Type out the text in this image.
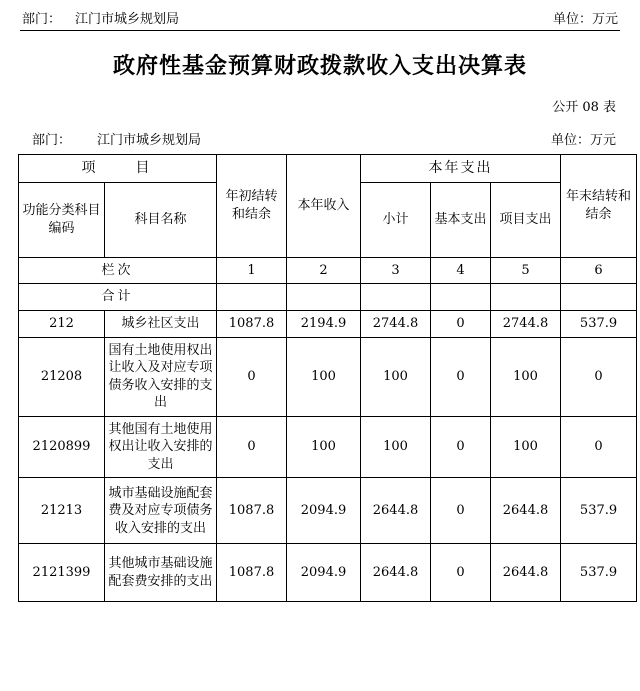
部门： 江门市城乡规划局	单位：万元
政府性基金预算财政拨款收入支出决算表
公开 08 表
部门： 江门市城乡规划局	单位：万元
项　　目		年初结转和结余	本年收入	本年支出			年末结转和结余
功能分类科目编码	科目名称			小计	基本支出	项目支出	
栏次		1	2	3	4	5	6
合计							
212	城乡社区支出	1087.8	2194.9	2744.8	0	2744.8	537.9
21208	国有土地使用权出让收入及对应专项债务收入安排的支出	0	100	100	0	100	0
2120899	其他国有土地使用权出让收入安排的支出	0	100	100	0	100	0
21213	城市基础设施配套费及对应专项债务收入安排的支出	1087.8	2094.9	2644.8	0	2644.8	537.9
2121399	其他城市基础设施配套费安排的支出	1087.8	2094.9	2644.8	0	2644.8	537.9
